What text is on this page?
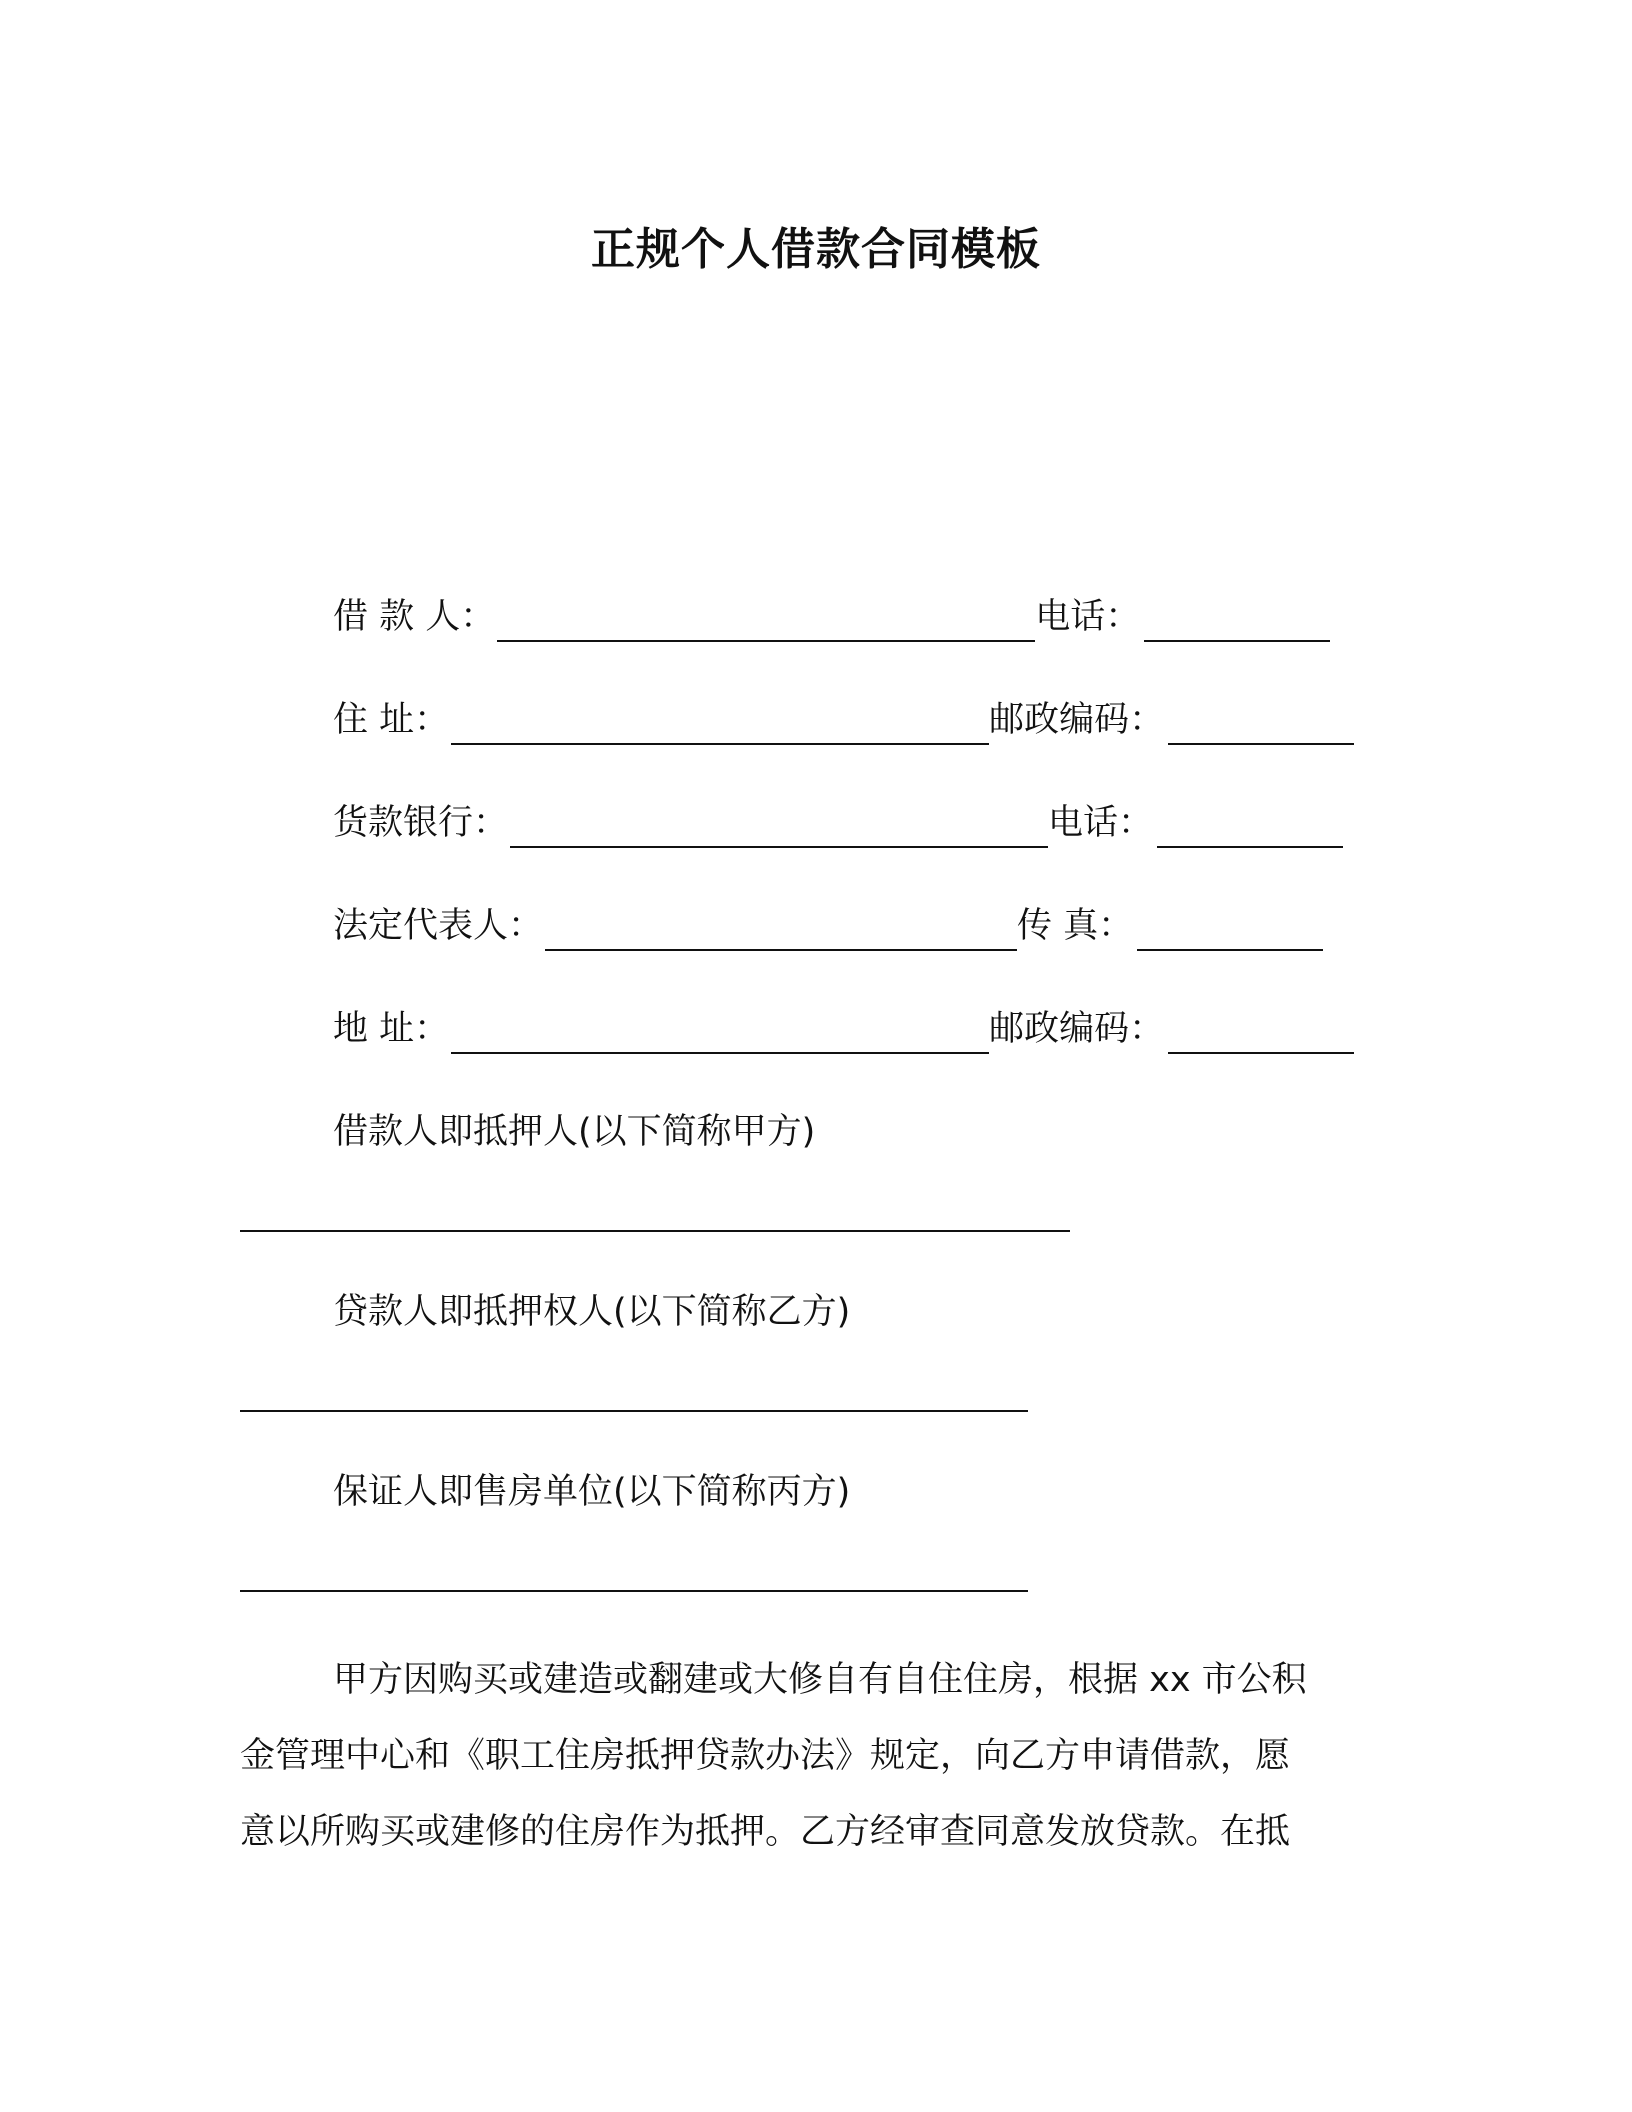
正规个人借款合同模板
借 款 人：	电话：
住 址：	邮政编码：
货款银行：	电话：
法定代表人：	传 真：
地 址：	邮政编码：
借款人即抵押人(以下简称甲方)
贷款人即抵押权人(以下简称乙方)
保证人即售房单位(以下简称丙方)
甲方因购买或建造或翻建或大修自有自住住房，根据 xx 市公积
金管理中心和《职工住房抵押贷款办法》规定，向乙方申请借款，愿
意以所购买或建修的住房作为抵押。乙方经审查同意发放贷款。在抵
